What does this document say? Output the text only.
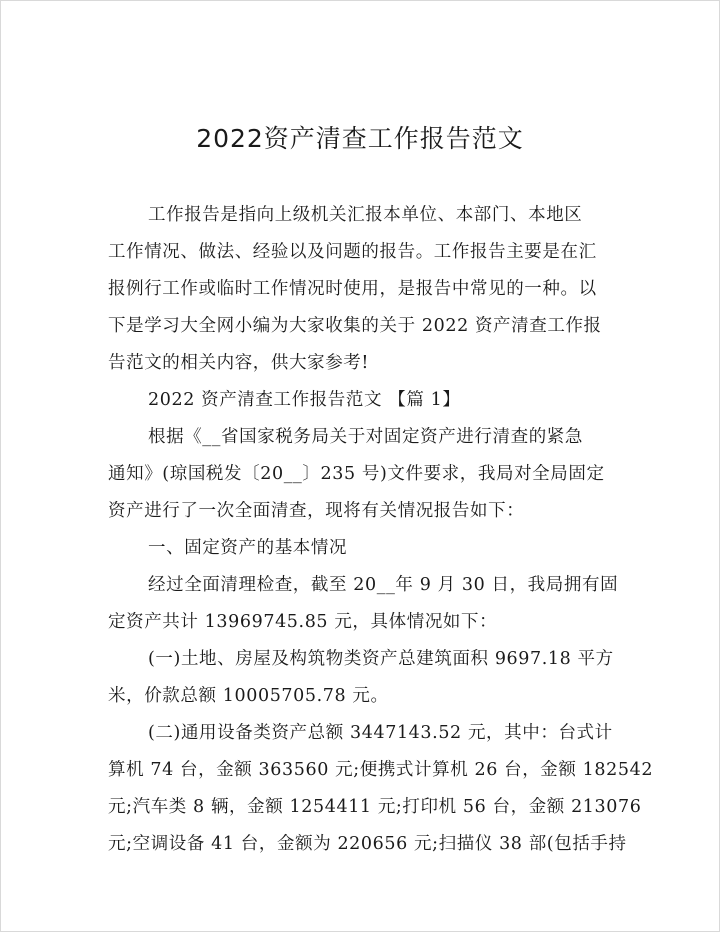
2022资产清查工作报告范文
工作报告是指向上级机关汇报本单位、本部门、本地区
工作情况、做法、经验以及问题的报告。工作报告主要是在汇
报例行工作或临时工作情况时使用，是报告中常见的一种。以
下是学习大全网小编为大家收集的关于 2022 资产清查工作报
告范文的相关内容，供大家参考!
2022 资产清查工作报告范文 【篇 1】
根据《__省国家税务局关于对固定资产进行清查的紧急
通知》(琼国税发〔20__〕235 号)文件要求，我局对全局固定
资产进行了一次全面清查，现将有关情况报告如下：
一、固定资产的基本情况
经过全面清理检查，截至 20__年 9 月 30 日，我局拥有固
定资产共计 13969745.85 元，具体情况如下：
(一)土地、房屋及构筑物类资产总建筑面积 9697.18 平方
米，价款总额 10005705.78 元。
(二)通用设备类资产总额 3447143.52 元，其中：台式计
算机 74 台，金额 363560 元;便携式计算机 26 台，金额 182542
元;汽车类 8 辆，金额 1254411 元;打印机 56 台，金额 213076
元;空调设备 41 台，金额为 220656 元;扫描仪 38 部(包括手持
